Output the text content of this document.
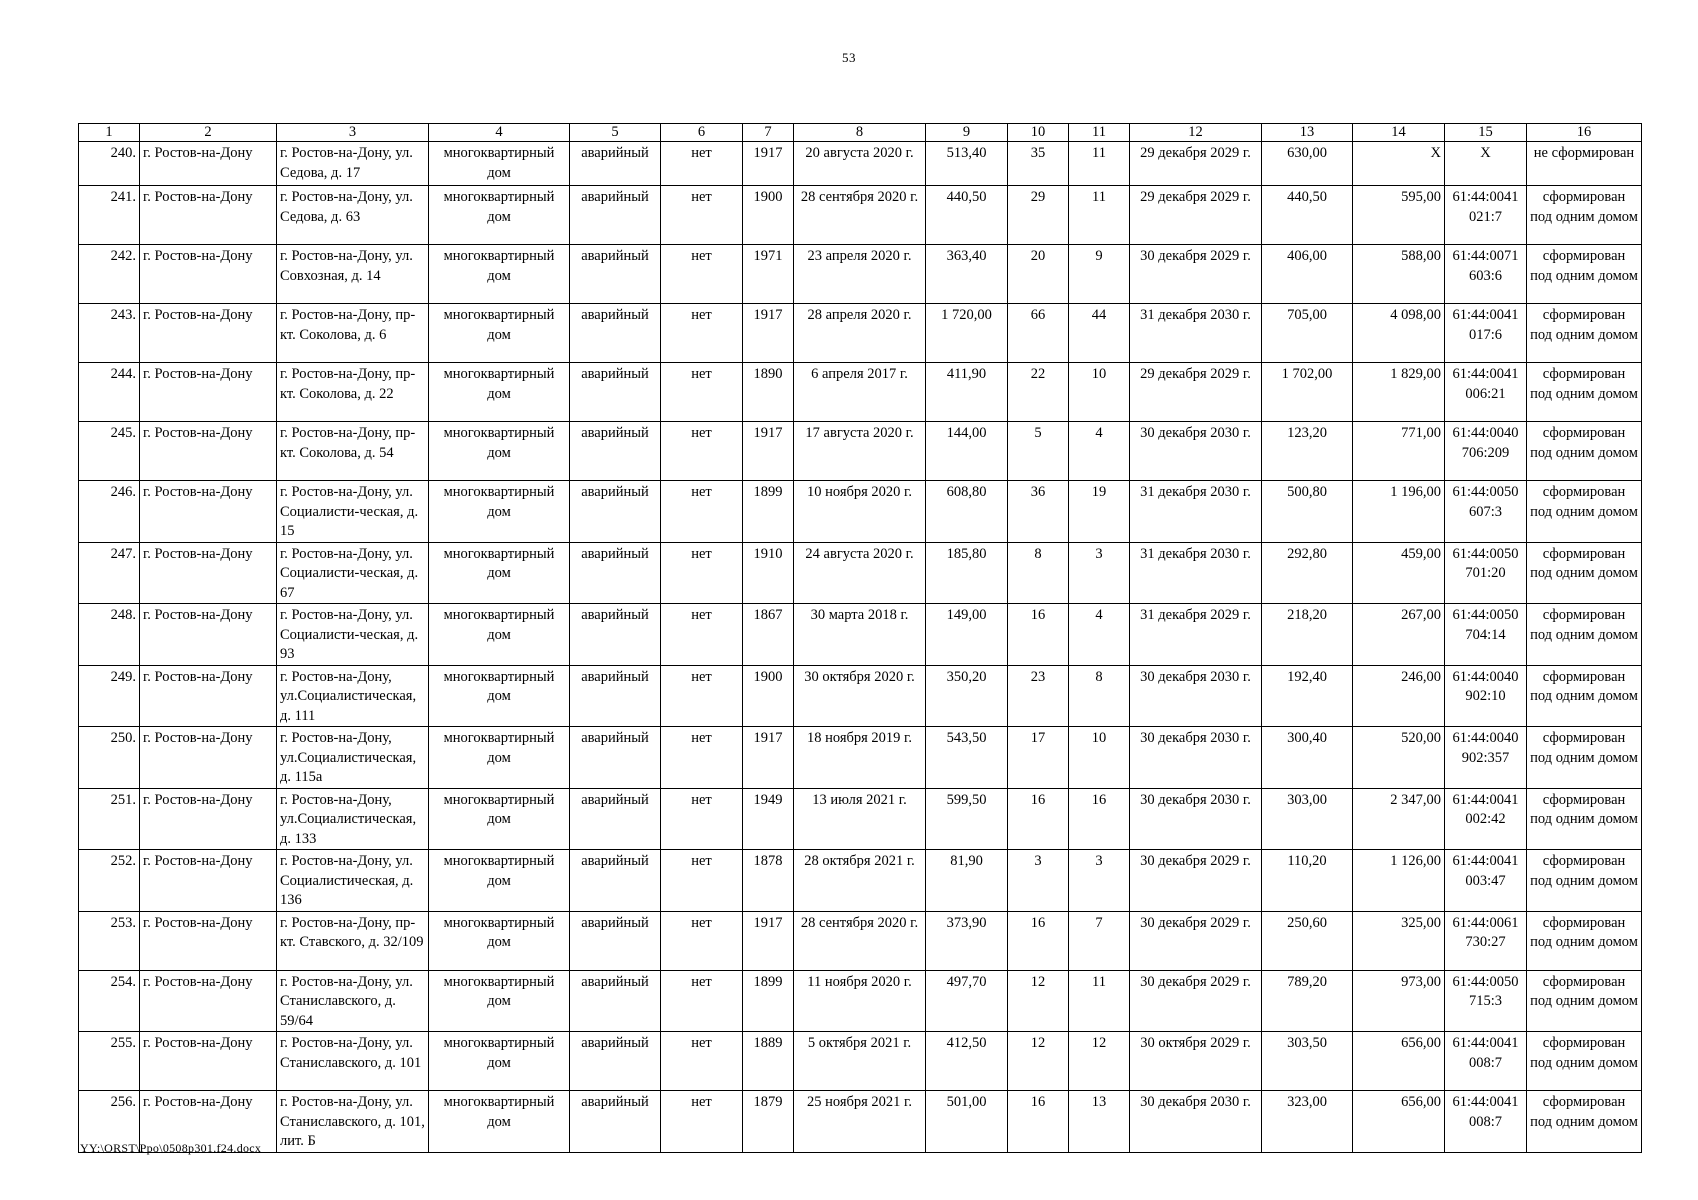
53
1	2	3	4	5	6	7	8	9	10	11	12	13	14	15	16
240.	г. Ростов-на-Дону	г. Ростов-на-Дону, ул. Седова, д. 17	многоквартирный дом	аварийный	нет	1917	20 августа 2020 г.	513,40	35	11	29 декабря 2029 г.	630,00	Х	Х	не сформирован
241.	г. Ростов-на-Дону	г. Ростов-на-Дону, ул. Седова, д. 63	многоквартирный дом	аварийный	нет	1900	28 сентября 2020 г.	440,50	29	11	29 декабря 2029 г.	440,50	595,00	61:44:0041 021:7	сформирован под одним домом
242.	г. Ростов-на-Дону	г. Ростов-на-Дону, ул. Совхозная, д. 14	многоквартирный дом	аварийный	нет	1971	23 апреля 2020 г.	363,40	20	9	30 декабря 2029 г.	406,00	588,00	61:44:0071 603:6	сформирован под одним домом
243.	г. Ростов-на-Дону	г. Ростов-на-Дону, пр-кт. Соколова, д. 6	многоквартирный дом	аварийный	нет	1917	28 апреля 2020 г.	1 720,00	66	44	31 декабря 2030 г.	705,00	4 098,00	61:44:0041 017:6	сформирован под одним домом
244.	г. Ростов-на-Дону	г. Ростов-на-Дону, пр-кт. Соколова, д. 22	многоквартирный дом	аварийный	нет	1890	6 апреля 2017 г.	411,90	22	10	29 декабря 2029 г.	1 702,00	1 829,00	61:44:0041 006:21	сформирован под одним домом
245.	г. Ростов-на-Дону	г. Ростов-на-Дону, пр-кт. Соколова, д. 54	многоквартирный дом	аварийный	нет	1917	17 августа 2020 г.	144,00	5	4	30 декабря 2030 г.	123,20	771,00	61:44:0040 706:209	сформирован под одним домом
246.	г. Ростов-на-Дону	г. Ростов-на-Дону, ул. Социалисти-ческая, д. 15	многоквартирный дом	аварийный	нет	1899	10 ноября 2020 г.	608,80	36	19	31 декабря 2030 г.	500,80	1 196,00	61:44:0050 607:3	сформирован под одним домом
247.	г. Ростов-на-Дону	г. Ростов-на-Дону, ул. Социалисти-ческая, д. 67	многоквартирный дом	аварийный	нет	1910	24 августа 2020 г.	185,80	8	3	31 декабря 2030 г.	292,80	459,00	61:44:0050 701:20	сформирован под одним домом
248.	г. Ростов-на-Дону	г. Ростов-на-Дону, ул. Социалисти-ческая, д. 93	многоквартирный дом	аварийный	нет	1867	30 марта 2018 г.	149,00	16	4	31 декабря 2029 г.	218,20	267,00	61:44:0050 704:14	сформирован под одним домом
249.	г. Ростов-на-Дону	г. Ростов-на-Дону, ул.Социалистическая, д. 111	многоквартирный дом	аварийный	нет	1900	30 октября 2020 г.	350,20	23	8	30 декабря 2030 г.	192,40	246,00	61:44:0040 902:10	сформирован под одним домом
250.	г. Ростов-на-Дону	г. Ростов-на-Дону, ул.Социалистическая, д. 115а	многоквартирный дом	аварийный	нет	1917	18 ноября 2019 г.	543,50	17	10	30 декабря 2030 г.	300,40	520,00	61:44:0040 902:357	сформирован под одним домом
251.	г. Ростов-на-Дону	г. Ростов-на-Дону, ул.Социалистическая, д. 133	многоквартирный дом	аварийный	нет	1949	13 июля 2021 г.	599,50	16	16	30 декабря 2030 г.	303,00	2 347,00	61:44:0041 002:42	сформирован под одним домом
252.	г. Ростов-на-Дону	г. Ростов-на-Дону, ул. Социалистическая, д. 136	многоквартирный дом	аварийный	нет	1878	28 октября 2021 г.	81,90	3	3	30 декабря 2029 г.	110,20	1 126,00	61:44:0041 003:47	сформирован под одним домом
253.	г. Ростов-на-Дону	г. Ростов-на-Дону, пр-кт. Ставского, д. 32/109	многоквартирный дом	аварийный	нет	1917	28 сентября 2020 г.	373,90	16	7	30 декабря 2029 г.	250,60	325,00	61:44:0061 730:27	сформирован под одним домом
254.	г. Ростов-на-Дону	г. Ростов-на-Дону, ул. Станиславского, д. 59/64	многоквартирный дом	аварийный	нет	1899	11 ноября 2020 г.	497,70	12	11	30 декабря 2029 г.	789,20	973,00	61:44:0050 715:3	сформирован под одним домом
255.	г. Ростов-на-Дону	г. Ростов-на-Дону, ул. Станиславского, д. 101	многоквартирный дом	аварийный	нет	1889	5 октября 2021 г.	412,50	12	12	30 октября 2029 г.	303,50	656,00	61:44:0041 008:7	сформирован под одним домом
256.	г. Ростов-на-Дону	г. Ростов-на-Дону, ул. Станиславского, д. 101, лит. Б	многоквартирный дом	аварийный	нет	1879	25 ноября 2021 г.	501,00	16	13	30 декабря 2030 г.	323,00	656,00	61:44:0041 008:7	сформирован под одним домом
YY:\ORST\Ppo\0508p301.f24.docx
